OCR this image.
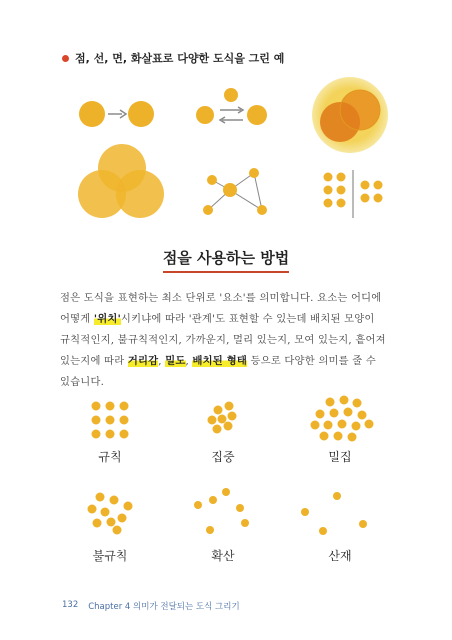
점, 선, 면, 화살표로 다양한 도식을 그린 예
점을 사용하는 방법
점은 도식을 표현하는 최소 단위로 '요소'를 의미합니다. 요소는 어디에
어떻게 '위치'시키냐에 따라 '관계'도 표현할 수 있는데 배치된 모양이
규칙적인지, 불규칙적인지, 가까운지, 멀리 있는지, 모여 있는지, 흩어져
있는지에 따라 거리감, 밀도, 배치된 형태 등으로 다양한 의미를 줄 수
있습니다.
규칙	집중	밀집
불규칙	확산	산재
132 Chapter 4 의미가 전달되는 도식 그리기
